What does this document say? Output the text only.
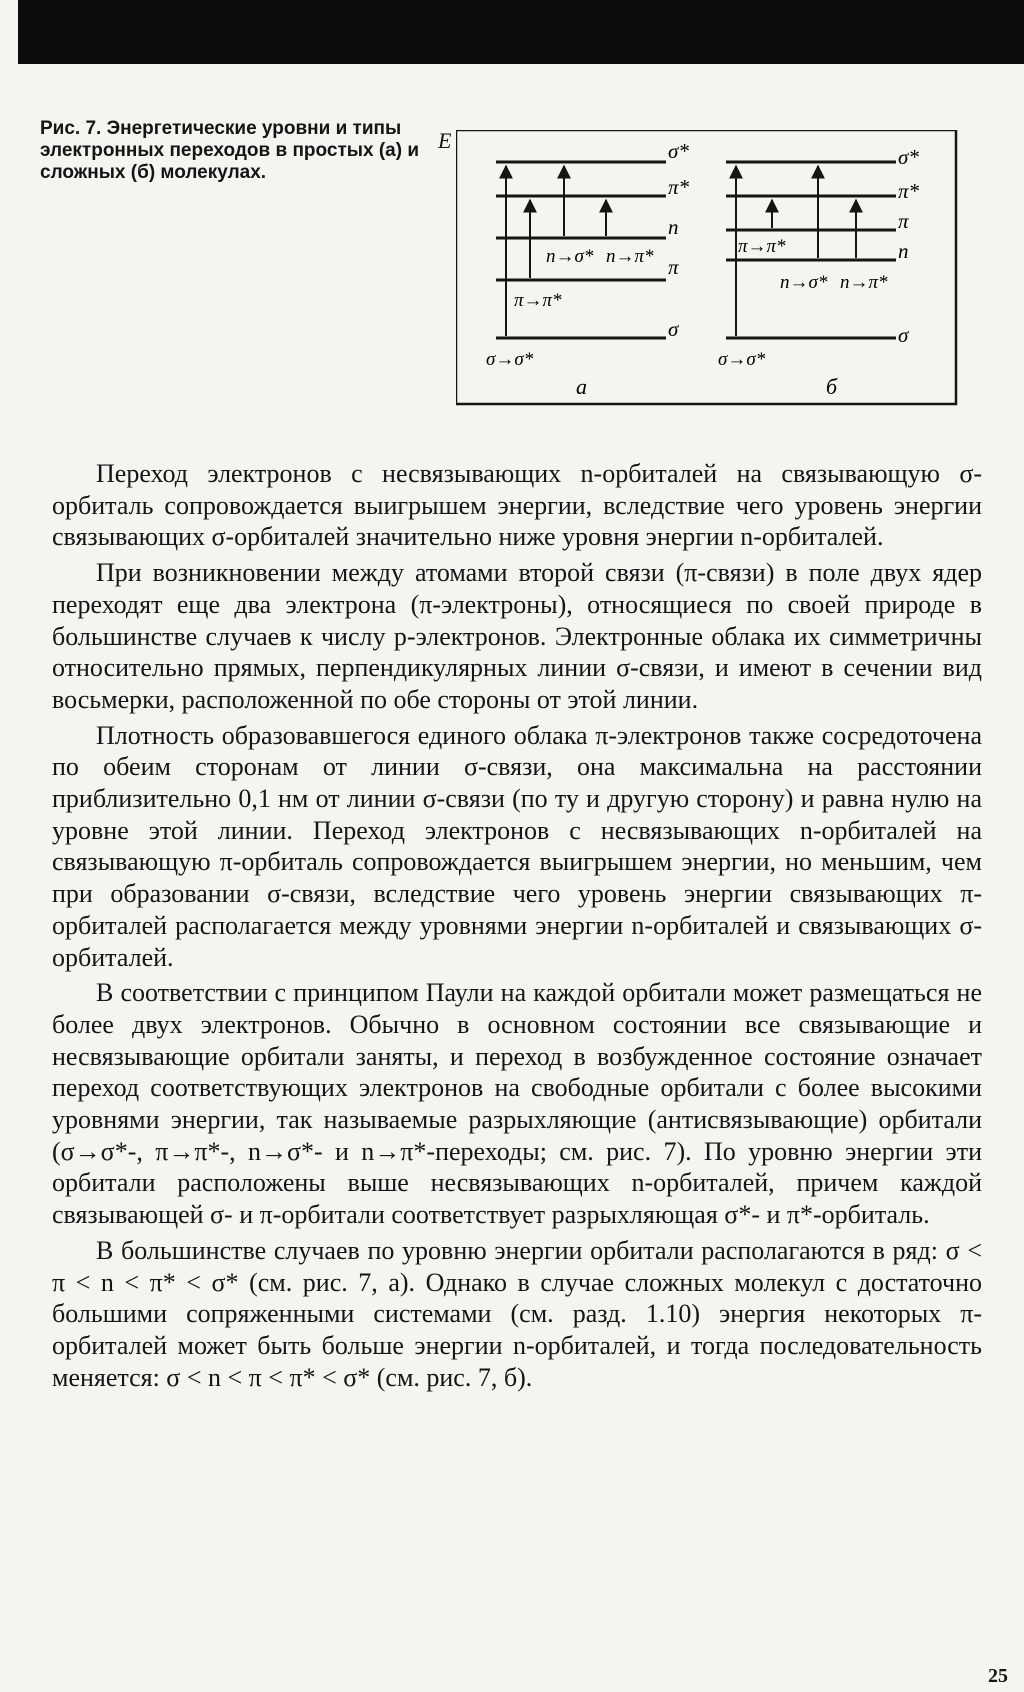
Рис. 7. Энергетические уровни и типы электронных переходов в простых (а) и сложных (б) молекулах.
E	σ*
π*
n
π
σ
n→σ* n→π*
π→π*
σ→σ*
а
σ*
π*
π
n
σ
π→π*
n→σ* n→π*
σ→σ*
б

Переход электронов с несвязывающих n-орбиталей на связывающую σ-орбиталь сопровождается выигрышем энергии, вследствие чего уровень энергии связывающих σ-орбиталей значительно ниже уровня энергии n-орбиталей.

При возникновении между атомами второй связи (π-связи) в поле двух ядер переходят еще два электрона (π-электроны), относящиеся по своей природе в большинстве случаев к числу p-электронов. Электронные облака их симметричны относительно прямых, перпендикулярных линии σ-связи, и имеют в сечении вид восьмерки, расположенной по обе стороны от этой линии.

Плотность образовавшегося единого облака π-электронов также сосредоточена по обеим сторонам от линии σ-связи, она максимальна на расстоянии приблизительно 0,1 нм от линии σ-связи (по ту и другую сторону) и равна нулю на уровне этой линии. Переход электронов с несвязывающих n-орбиталей на связывающую π-орбиталь сопровождается выигрышем энергии, но меньшим, чем при образовании σ-связи, вследствие чего уровень энергии связывающих π-орбиталей располагается между уровнями энергии n-орбиталей и связывающих σ-орбиталей.

В соответствии с принципом Паули на каждой орбитали может размещаться не более двух электронов. Обычно в основном состоянии все связывающие и несвязывающие орбитали заняты, и переход в возбужденное состояние означает переход соответствующих электронов на свободные орбитали с более высокими уровнями энергии, так называемые разрыхляющие (антисвязывающие) орбитали (σ→σ*-, π→π*-, n→σ*- и n→π*-переходы; см. рис. 7). По уровню энергии эти орбитали расположены выше несвязывающих n-орбиталей, причем каждой связывающей σ- и π-орбитали соответствует разрыхляющая σ*- и π*-орбиталь.

В большинстве случаев по уровню энергии орбитали располагаются в ряд: σ < π < n < π* < σ* (см. рис. 7, а). Однако в случае сложных молекул с достаточно большими сопряженными системами (см. разд. 1.10) энергия некоторых π-орбиталей может быть больше энергии n-орбиталей, и тогда последовательность меняется: σ < n < π < π* < σ* (см. рис. 7, б).

25
